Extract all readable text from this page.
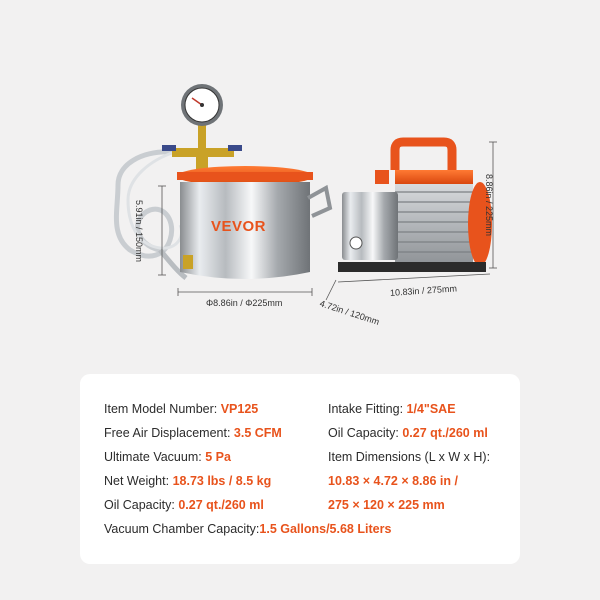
VEVOR
5.91in / 150mm
Φ8.86in / Φ225mm	4.72in / 120mm
10.83in / 275mm
8.86in / 225mm
Item Model Number: VP125
Free Air Displacement: 3.5 CFM
Ultimate Vacuum: 5 Pa
Net Weight: 18.73 lbs / 8.5 kg
Oil Capacity: 0.27 qt./260 ml
Intake Fitting: 1/4"SAE
Oil Capacity: 0.27 qt./260 ml
Item Dimensions (L x W x H):
10.83 × 4.72 × 8.86 in /
275 × 120 × 225 mm
Vacuum Chamber Capacity:1.5 Gallons/5.68 Liters
